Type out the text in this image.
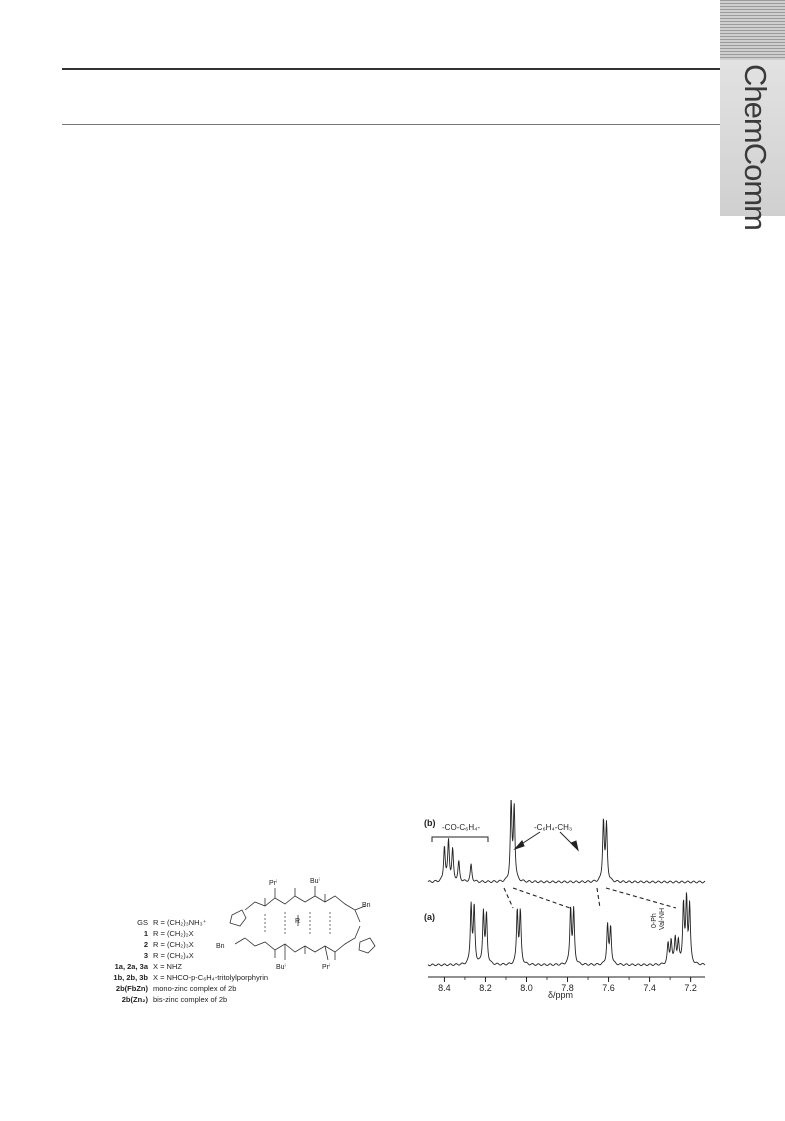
ChemComm
Prⁱ	Buⁱ
Bn
Bn
Buⁱ	Prⁱ
R
GS R = (CH₂)₃NH₃⁺
1 R = (CH₂)₂X
2 R = (CH₂)₃X
3 R = (CH₂)₄X
1a, 2a, 3a X = NHZ
1b, 2b, 3b X = NHCO-p-C₆H₄-tritolylporphyrin
2b(FbZn) mono-zinc complex of 2b
2b(Zn₂) bis-zinc complex of 2b
8.4	8.2	8.0	7.8	7.6	7.4	7.2
(b)
(a)
-CO-C₆H₄-	-C₆H₄-CH₃
0-Ph Val-NH
δ/ppm
